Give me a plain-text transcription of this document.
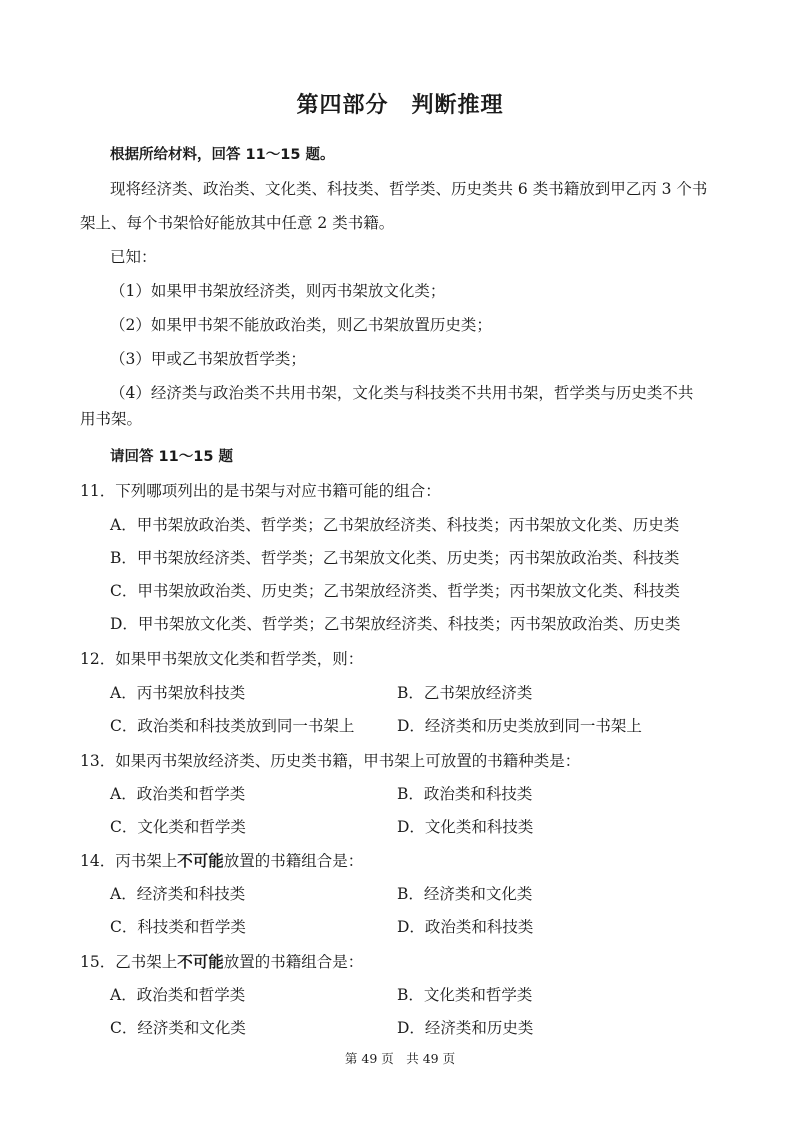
第四部分　判断推理
根据所给材料，回答 11～15 题。
现将经济类、政治类、文化类、科技类、哲学类、历史类共 6 类书籍放到甲乙丙 3 个书
架上、每个书架恰好能放其中任意 2 类书籍。
已知：
（1）如果甲书架放经济类，则丙书架放文化类；
（2）如果甲书架不能放政治类，则乙书架放置历史类；
（3）甲或乙书架放哲学类；
（4）经济类与政治类不共用书架，文化类与科技类不共用书架，哲学类与历史类不共
用书架。
请回答 11～15 题
11．下列哪项列出的是书架与对应书籍可能的组合：
A．甲书架放政治类、哲学类；乙书架放经济类、科技类；丙书架放文化类、历史类
B．甲书架放经济类、哲学类；乙书架放文化类、历史类；丙书架放政治类、科技类
C．甲书架放政治类、历史类；乙书架放经济类、哲学类；丙书架放文化类、科技类
D．甲书架放文化类、哲学类；乙书架放经济类、科技类；丙书架放政治类、历史类
12．如果甲书架放文化类和哲学类，则：
A．丙书架放科技类	B．乙书架放经济类
C．政治类和科技类放到同一书架上	D．经济类和历史类放到同一书架上
13．如果丙书架放经济类、历史类书籍，甲书架上可放置的书籍种类是：
A．政治类和哲学类	B．政治类和科技类
C．文化类和哲学类	D．文化类和科技类
14．丙书架上不可能放置的书籍组合是：
A．经济类和科技类	B．经济类和文化类
C．科技类和哲学类	D．政治类和科技类
15．乙书架上不可能放置的书籍组合是：
A．政治类和哲学类	B．文化类和哲学类
C．经济类和文化类	D．经济类和历史类
第 49 页　共 49 页
